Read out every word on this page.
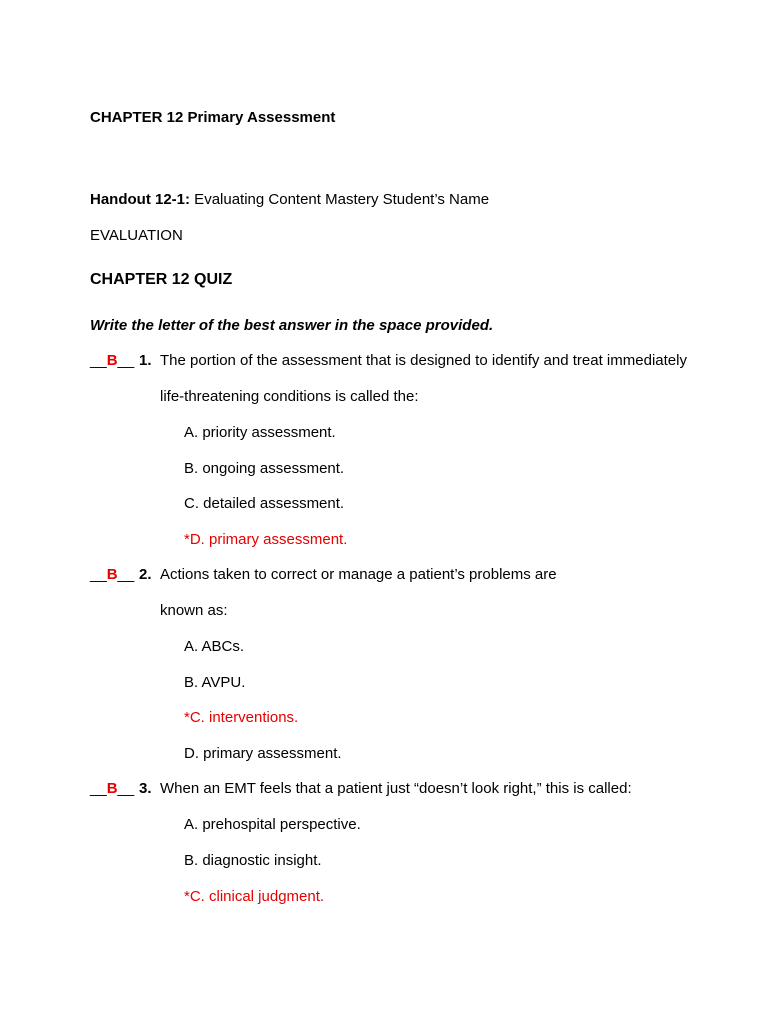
CHAPTER 12 Primary Assessment
Handout 12-1: Evaluating Content Mastery Student’s Name
EVALUATION
CHAPTER 12 QUIZ
Write the letter of the best answer in the space provided.
__B__ 1. The portion of the assessment that is designed to identify and treat immediately
life-threatening conditions is called the:
A. priority assessment.
B. ongoing assessment.
C. detailed assessment.
*D. primary assessment.
__B__ 2. Actions taken to correct or manage a patient’s problems are
known as:
A. ABCs.
B. AVPU.
*C. interventions.
D. primary assessment.
__B__ 3. When an EMT feels that a patient just “doesn’t look right,” this is called:
A. prehospital perspective.
B. diagnostic insight.
*C. clinical judgment.
